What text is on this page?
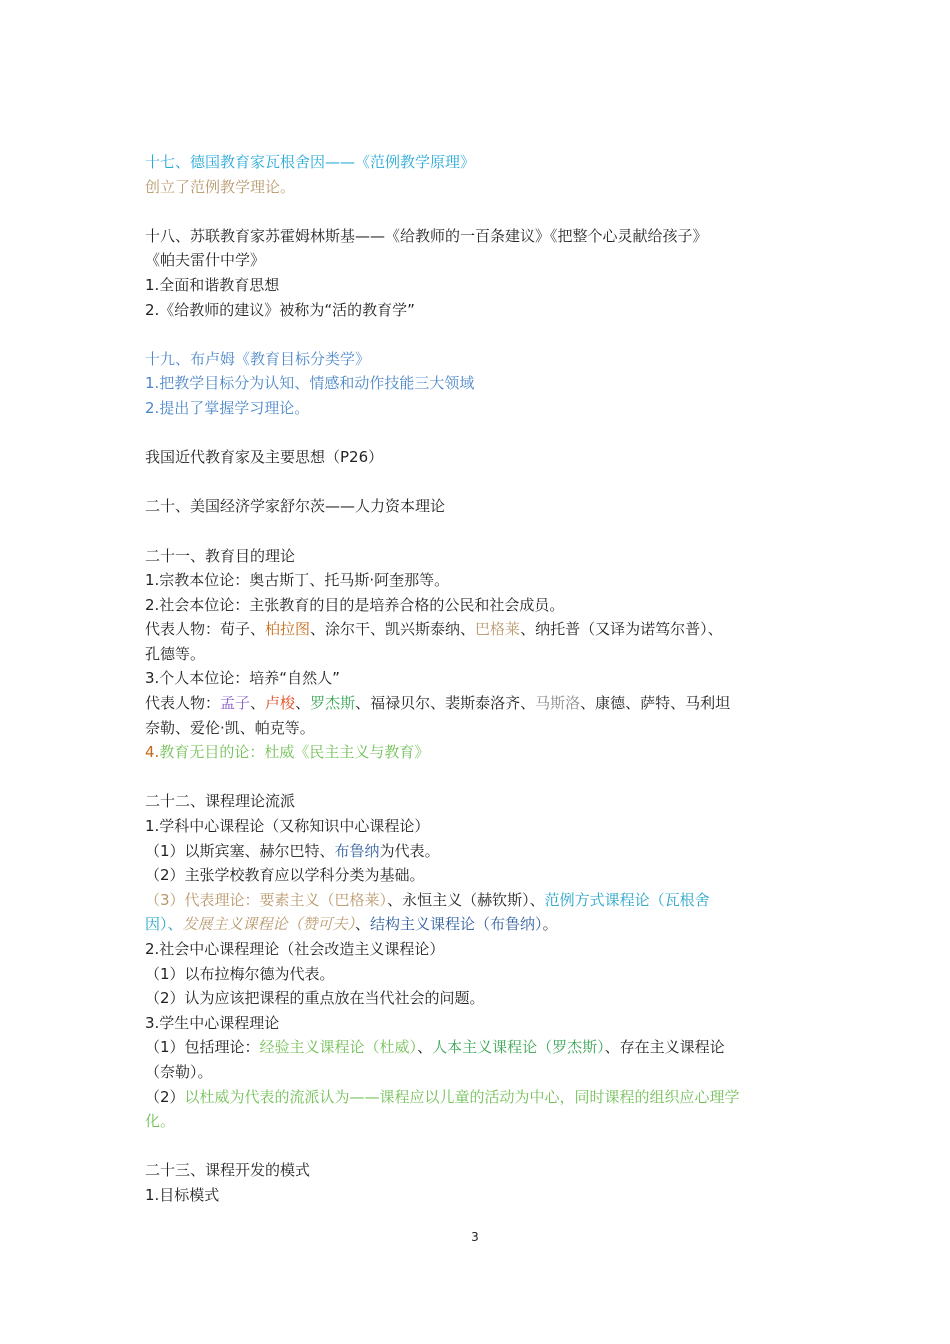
十七、德国教育家瓦根舍因——《范例教学原理》
创立了范例教学理论。
十八、苏联教育家苏霍姆林斯基——《给教师的一百条建议》《把整个心灵献给孩子》
《帕夫雷什中学》
1.全面和谐教育思想
2.《给教师的建议》被称为“活的教育学”
十九、布卢姆《教育目标分类学》
1.把教学目标分为认知、情感和动作技能三大领域
2.提出了掌握学习理论。
我国近代教育家及主要思想（P26）
二十、美国经济学家舒尔茨——人力资本理论
二十一、教育目的理论
1.宗教本位论：奥古斯丁、托马斯·阿奎那等。
2.社会本位论：主张教育的目的是培养合格的公民和社会成员。
代表人物：荀子、柏拉图、涂尔干、凯兴斯泰纳、巴格莱、纳托普（又译为诺笃尔普）、
孔德等。
3.个人本位论：培养“自然人”
代表人物：孟子、卢梭、罗杰斯、福禄贝尔、裴斯泰洛齐、马斯洛、康德、萨特、马利坦
奈勒、爱伦·凯、帕克等。
4.教育无目的论：杜威《民主主义与教育》
二十二、课程理论流派
1.学科中心课程论（又称知识中心课程论）
（1）以斯宾塞、赫尔巴特、布鲁纳为代表。
（2）主张学校教育应以学科分类为基础。
（3）代表理论：要素主义（巴格莱）、永恒主义（赫钦斯）、范例方式课程论（瓦根舍
因）、发展主义课程论（赞可夫）、结构主义课程论（布鲁纳）。
2.社会中心课程理论（社会改造主义课程论）
（1）以布拉梅尔德为代表。
（2）认为应该把课程的重点放在当代社会的问题。
3.学生中心课程理论
（1）包括理论：经验主义课程论（杜威）、人本主义课程论（罗杰斯）、存在主义课程论
（奈勒）。
（2）以杜威为代表的流派认为——课程应以儿童的活动为中心，同时课程的组织应心理学
化。
二十三、课程开发的模式
1.目标模式
3
